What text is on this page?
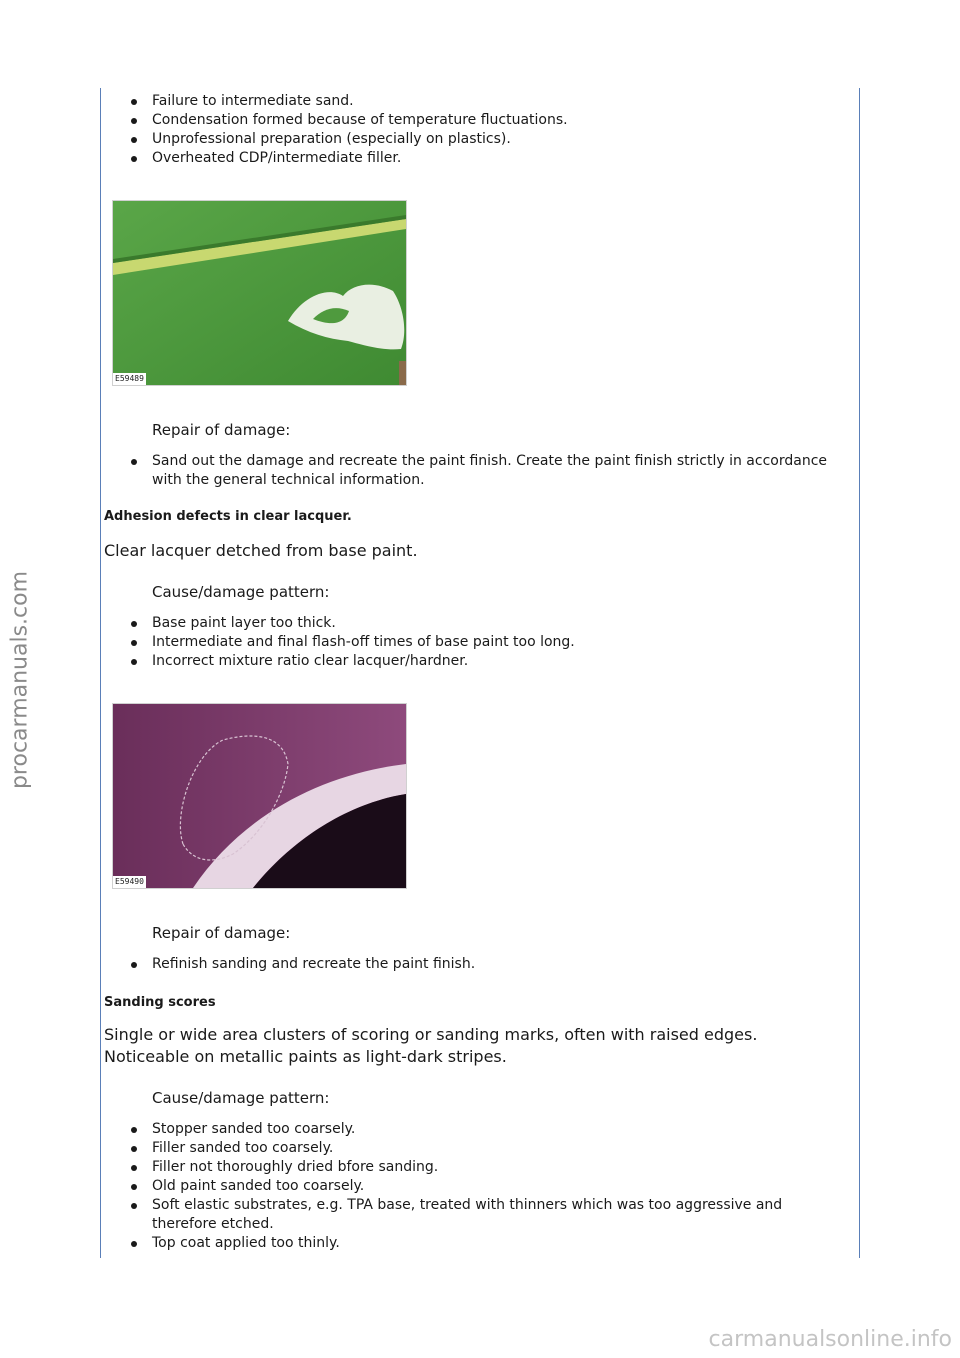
procarmanuals.com
Failure to intermediate sand.
Condensation formed because of temperature fluctuations.
Unprofessional preparation (especially on plastics).
Overheated CDP/intermediate filler.
E59489
Repair of damage:
Sand out the damage and recreate the paint finish. Create the paint finish strictly in accordance with the general technical information.
Adhesion defects in clear lacquer.
Clear lacquer detched from base paint.
Cause/damage pattern:
Base paint layer too thick.
Intermediate and final flash-off times of base paint too long.
Incorrect mixture ratio clear lacquer/hardner.
E59490
Repair of damage:
Refinish sanding and recreate the paint finish.
Sanding scores
Single or wide area clusters of scoring or sanding marks, often with raised edges. Noticeable on metallic paints as light-dark stripes.
Cause/damage pattern:
Stopper sanded too coarsely.
Filler sanded too coarsely.
Filler not thoroughly dried bfore sanding.
Old paint sanded too coarsely.
Soft elastic substrates, e.g. TPA base, treated with thinners which was too aggressive and therefore etched.
Top coat applied too thinly.
carmanualsonline.info
